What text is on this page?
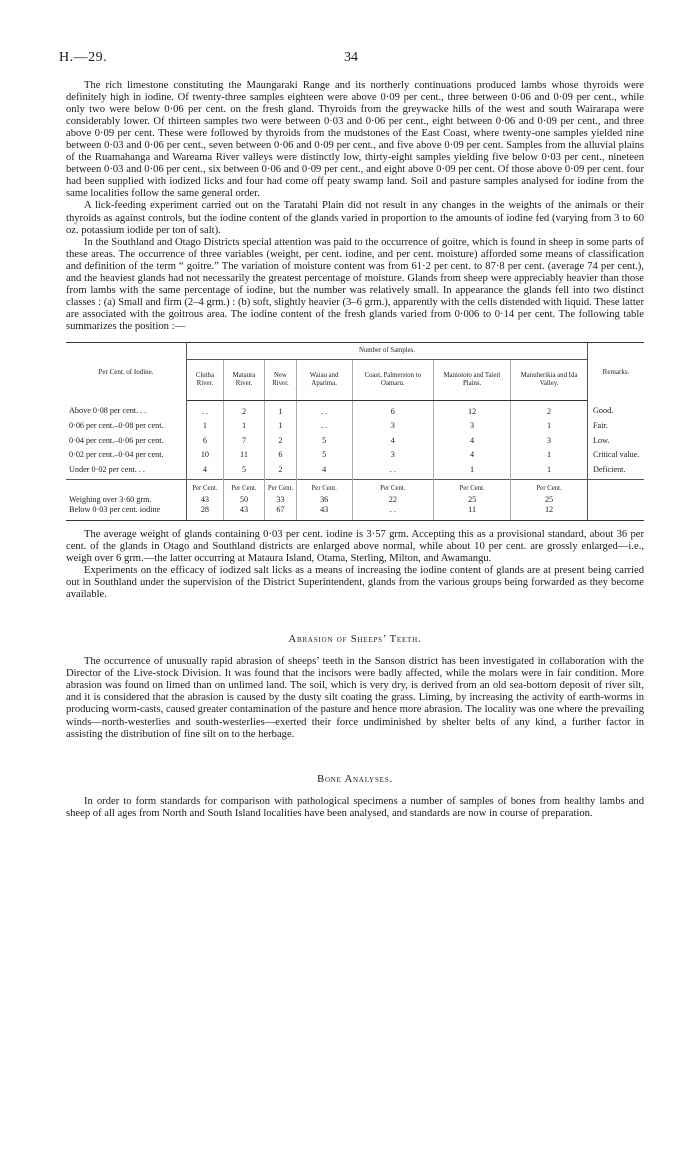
H.—29.	34

The rich limestone constituting the Maungaraki Range and its northerly continuations produced lambs whose thyroids were definitely high in iodine. Of twenty-three samples eighteen were above 0·09 per cent., three between 0·06 and 0·09 per cent., while only two were below 0·06 per cent. on the fresh gland. Thyroids from the greywacke hills of the west and south Wairarapa were considerably lower. Of thirteen samples two were between 0·03 and 0·06 per cent., eight between 0·06 and 0·09 per cent., and three above 0·09 per cent. These were followed by thyroids from the mudstones of the East Coast, where twenty-one samples yielded nine between 0·03 and 0·06 per cent., seven between 0·06 and 0·09 per cent., and five above 0·09 per cent. Samples from the alluvial plains of the Ruamahanga and Wareama River valleys were distinctly low, thirty-eight samples yielding five below 0·03 per cent., nineteen between 0·03 and 0·06 per cent., six between 0·06 and 0·09 per cent., and eight above 0·09 per cent. Of those above 0·09 per cent. four had been supplied with iodized licks and four had come off peaty swamp land. Soil and pasture samples analysed for iodine from the same localities follow the same general order.

A lick-feeding experiment carried out on the Taratahi Plain did not result in any changes in the weights of the animals or their thyroids as against controls, but the iodine content of the glands varied in proportion to the amounts of iodine fed (varying from 3 to 60 oz. potassium iodide per ton of salt).

In the Southland and Otago Districts special attention was paid to the occurrence of goitre, which is found in sheep in some parts of these areas. The occurrence of three variables (weight, per cent. iodine, and per cent. moisture) afforded some means of classification and definition of the term “ goitre.” The variation of moisture content was from 61·2 per cent. to 87·8 per cent. (average 74 per cent.), and the heaviest glands had not necessarily the greatest percentage of moisture. Glands from sheep were appreciably heavier than those from lambs with the same percentage of iodine, but the number was relatively small. In appearance the glands fell into two distinct classes : (a) Small and firm (2–4 grm.) : (b) soft, slightly heavier (3–6 grm.), apparently with the cells distended with liquid. These latter are associated with the goitrous area. The iodine content of the fresh glands varied from 0·006 to 0·14 per cent. The following table summarizes the position :—

Per Cent. of Iodine.	Number of Samples.							Remarks.
	Clutha River.	Mataura River.	New River.	Waiau and Aparima.	Coast, Palmerston to Oamaru.	Maniototo and Taieri Plains.	Manuherikia and Ida Valley.	
Above 0·08 per cent. . .	. .	2	1	. .	6	12	2	Good.
0·06 per cent.–0·08 per cent.	1	1	1	. .	3	3	1	Fair.
0·04 per cent.–0·06 per cent.	6	7	2	5	4	4	3	Low.
0·02 per cent.–0·04 per cent.	10	11	6	5	3	4	1	Critical value.
Under 0·02 per cent. . .	4	5	2	4	. .	1	1	Deficient.
	Per Cent.	Per Cent.	Per Cent.	Per Cent.	Per Cent.	Per Cent.	Per Cent.	
Weighing over 3·60 grm.	43	50	33	36	22	25	25	
Below 0·03 per cent. iodine	28	43	67	43	. .	11	12	

The average weight of glands containing 0·03 per cent. iodine is 3·57 grm. Accepting this as a provisional standard, about 36 per cent. of the glands in Otago and Southland districts are enlarged above normal, while about 10 per cent. are grossly enlarged—i.e., weigh over 6 grm.—the latter occurring at Mataura Island, Otama, Sterling, Milton, and Awamangu.

Experiments on the efficacy of iodized salt licks as a means of increasing the iodine content of glands are at present being carried out in Southland under the supervision of the District Superintendent, glands from the various groups being forwarded as they become available.

Abrasion of Sheeps’ Teeth.

The occurrence of unusually rapid abrasion of sheeps’ teeth in the Sanson district has been investigated in collaboration with the Director of the Live-stock Division. It was found that the incisors were badly affected, while the molars were in fair condition. More abrasion was found on limed than on unlimed land. The soil, which is very dry, is derived from an old sea-bottom deposit of river silt, and it is considered that the abrasion is caused by the dusty silt coating the grass. Liming, by increasing the activity of earth-worms in producing worm-casts, caused greater contamination of the pasture and hence more abrasion. The locality was one where the prevailing winds—north-westerlies and south-westerlies—exerted their force undiminished by shelter belts of any kind, a further factor in assisting the distribution of fine silt on to the herbage.

Bone Analyses.

In order to form standards for comparison with pathological specimens a number of samples of bones from healthy lambs and sheep of all ages from North and South Island localities have been analysed, and standards are now in course of preparation.
